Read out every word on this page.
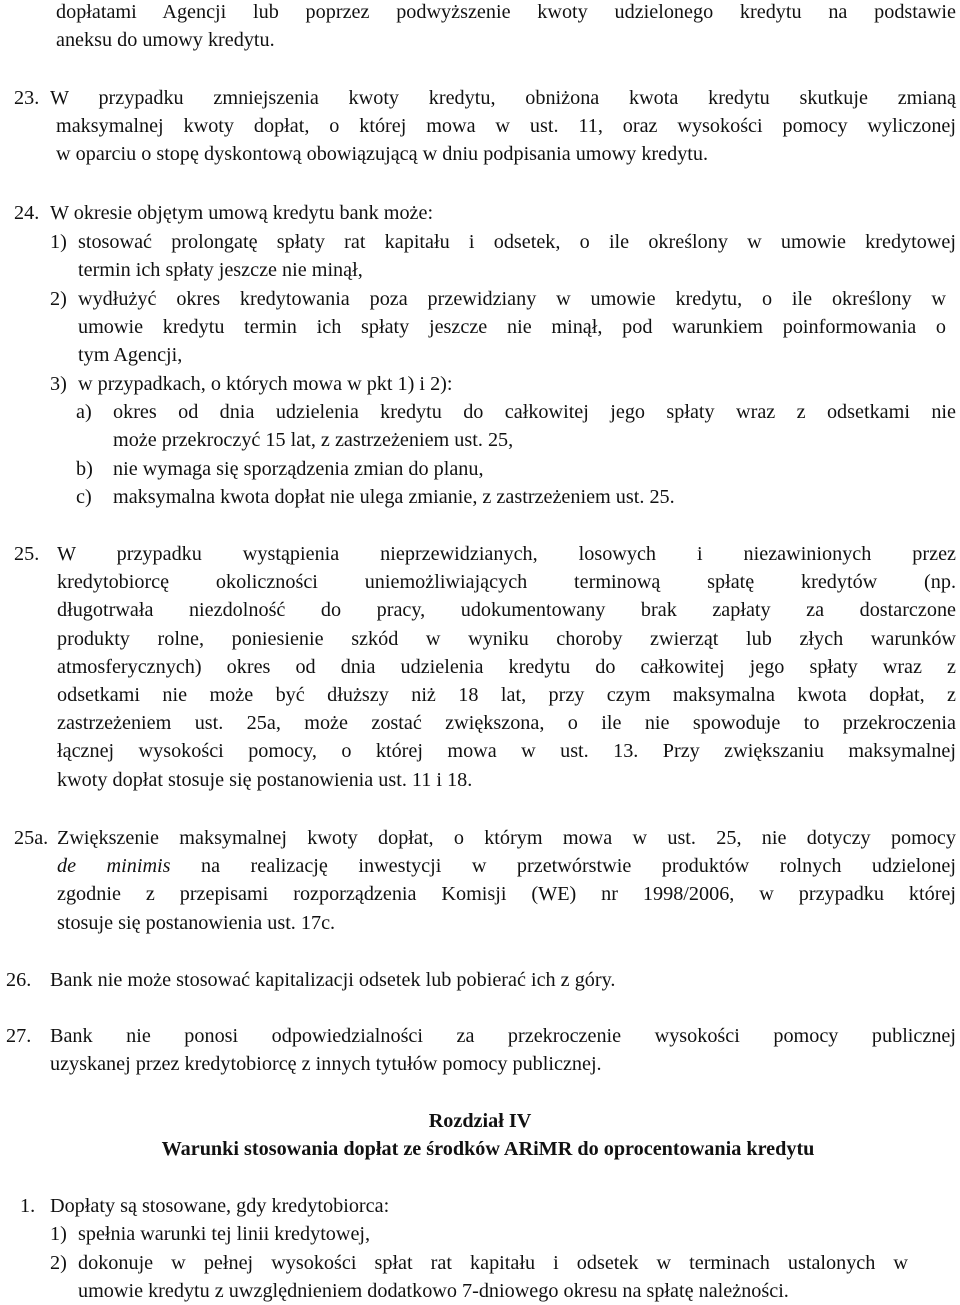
dopłatami Agencji lub poprzez podwyższenie kwoty udzielonego kredytu na podstawie
aneksu do umowy kredytu.
23. W przypadku zmniejszenia kwoty kredytu, obniżona kwota kredytu skutkuje zmianą
maksymalnej kwoty dopłat, o której mowa w ust. 11, oraz wysokości pomocy wyliczonej
w oparciu o stopę dyskontową obowiązującą w dniu podpisania umowy kredytu.
24. W okresie objętym umową kredytu bank może:
1) stosować prolongatę spłaty rat kapitału i odsetek, o ile określony w umowie kredytowej
termin ich spłaty jeszcze nie minął,
2) wydłużyć okres kredytowania poza przewidziany w umowie kredytu, o ile określony w
umowie kredytu termin ich spłaty jeszcze nie minął, pod warunkiem poinformowania o
tym Agencji,
3) w przypadkach, o których mowa w pkt 1) i 2):
a) okres od dnia udzielenia kredytu do całkowitej jego spłaty wraz z odsetkami nie
może przekroczyć 15 lat, z zastrzeżeniem ust. 25,
b) nie wymaga się sporządzenia zmian do planu,
c) maksymalna kwota dopłat nie ulega zmianie, z zastrzeżeniem ust. 25.
25. W przypadku wystąpienia nieprzewidzianych, losowych i niezawinionych przez
kredytobiorcę okoliczności uniemożliwiających terminową spłatę kredytów (np.
długotrwała niezdolność do pracy, udokumentowany brak zapłaty za dostarczone
produkty rolne, poniesienie szkód w wyniku choroby zwierząt lub złych warunków
atmosferycznych) okres od dnia udzielenia kredytu do całkowitej jego spłaty wraz z
odsetkami nie może być dłuższy niż 18 lat, przy czym maksymalna kwota dopłat, z
zastrzeżeniem ust. 25a, może zostać zwiększona, o ile nie spowoduje to przekroczenia
łącznej wysokości pomocy, o której mowa w ust. 13. Przy zwiększaniu maksymalnej
kwoty dopłat stosuje się postanowienia ust. 11 i 18.
25a. Zwiększenie maksymalnej kwoty dopłat, o którym mowa w ust. 25, nie dotyczy pomocy
de minimis na realizację inwestycji w przetwórstwie produktów rolnych udzielonej
zgodnie z przepisami rozporządzenia Komisji (WE) nr 1998/2006, w przypadku której
stosuje się postanowienia ust. 17c.
26. Bank nie może stosować kapitalizacji odsetek lub pobierać ich z góry.
27. Bank nie ponosi odpowiedzialności za przekroczenie wysokości pomocy publicznej
uzyskanej przez kredytobiorcę z innych tytułów pomocy publicznej.
Rozdział IV
Warunki stosowania dopłat ze środków ARiMR do oprocentowania kredytu
1. Dopłaty są stosowane, gdy kredytobiorca:
1) spełnia warunki tej linii kredytowej,
2) dokonuje w pełnej wysokości spłat rat kapitału i odsetek w terminach ustalonych w
umowie kredytu z uwzględnieniem dodatkowo 7-dniowego okresu na spłatę należności.
